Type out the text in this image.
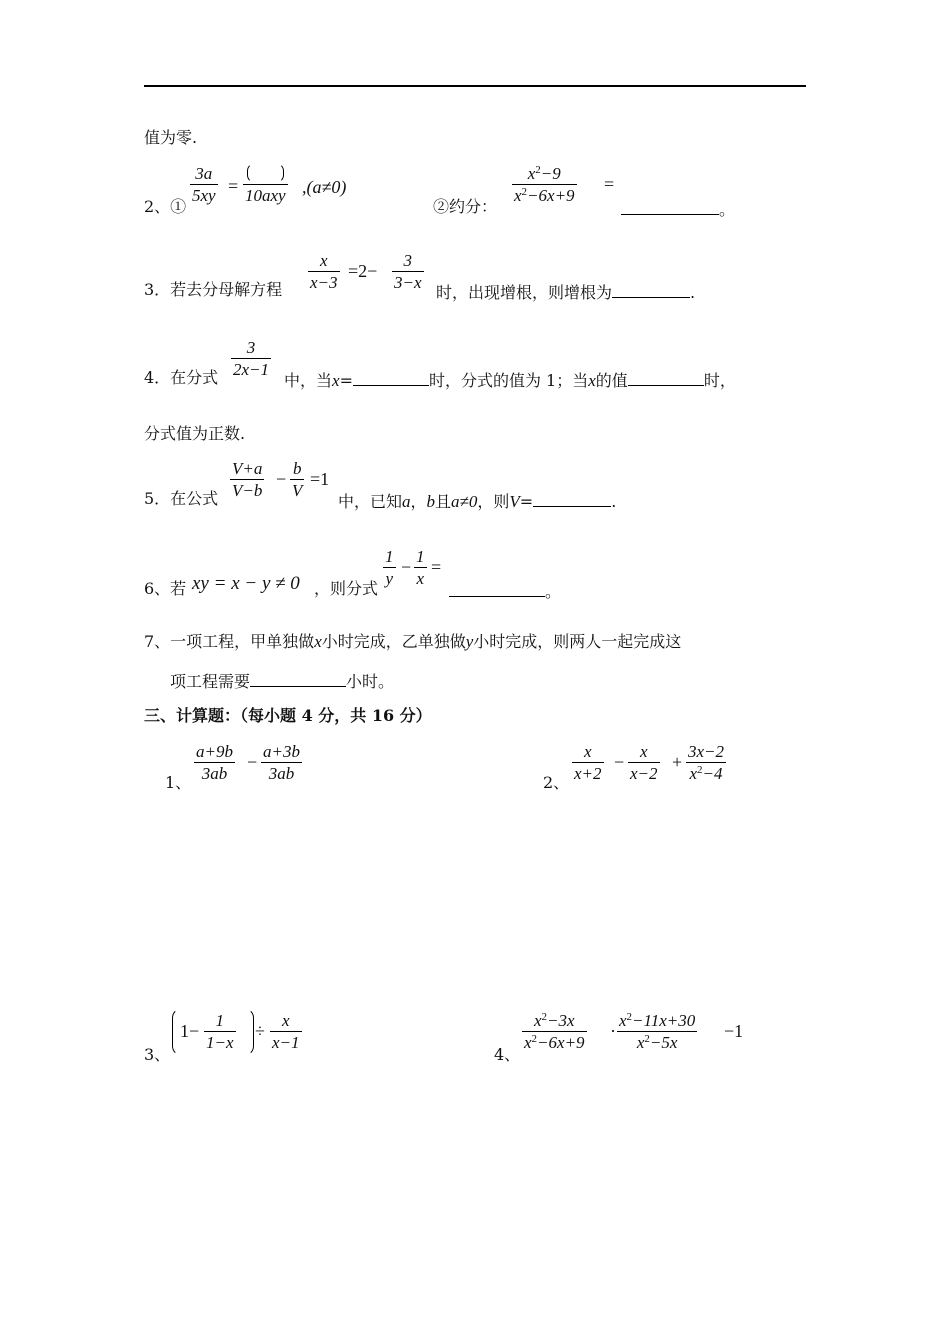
值为零.
2、①
$\frac{3a}{5xy}$ =
10axy ,(a≠0)
②约分：
$\frac{x^2-9}{x^2-6x+9}$ =
。
3．若去分母解方程 $\frac{x}{x-3} =2- \frac{3}{3-x}$ 时，出现增根，则增根为	.
4．在分式 $\frac{3}{2x-1}$
中，当x=	时，分式的值为 1；当x的值	时，
分式值为正数.
5．在公式 $\frac{V+a}{V-b} - \frac{b}{V} =1$
中，已知a，b且a≠0，则V=	.
6、若 xy = x − y ≠ 0 ，则分式 $\frac{1}{y} - \frac{1}{x}$ =
。
7、一项工程，甲单独做x小时完成，乙单独做y小时完成，则两人一起完成这
项工程需要	小时。
三、计算题：（每小题 4 分，共 16 分）
1、 $\frac{a+9b}{3ab} - \frac{a+3b}{3ab}$	2、 $\frac{x}{x+2} - \frac{x}{x-2} + \frac{3x-2}{x^2-4}$
3、
$1- \frac{1}{1-x} \div \frac{x}{x-1}$
4、
$\frac{x^2-3x}{x^2-6x+9} \cdot \frac{x^2-11x+30}{x^2-5x} -1$
